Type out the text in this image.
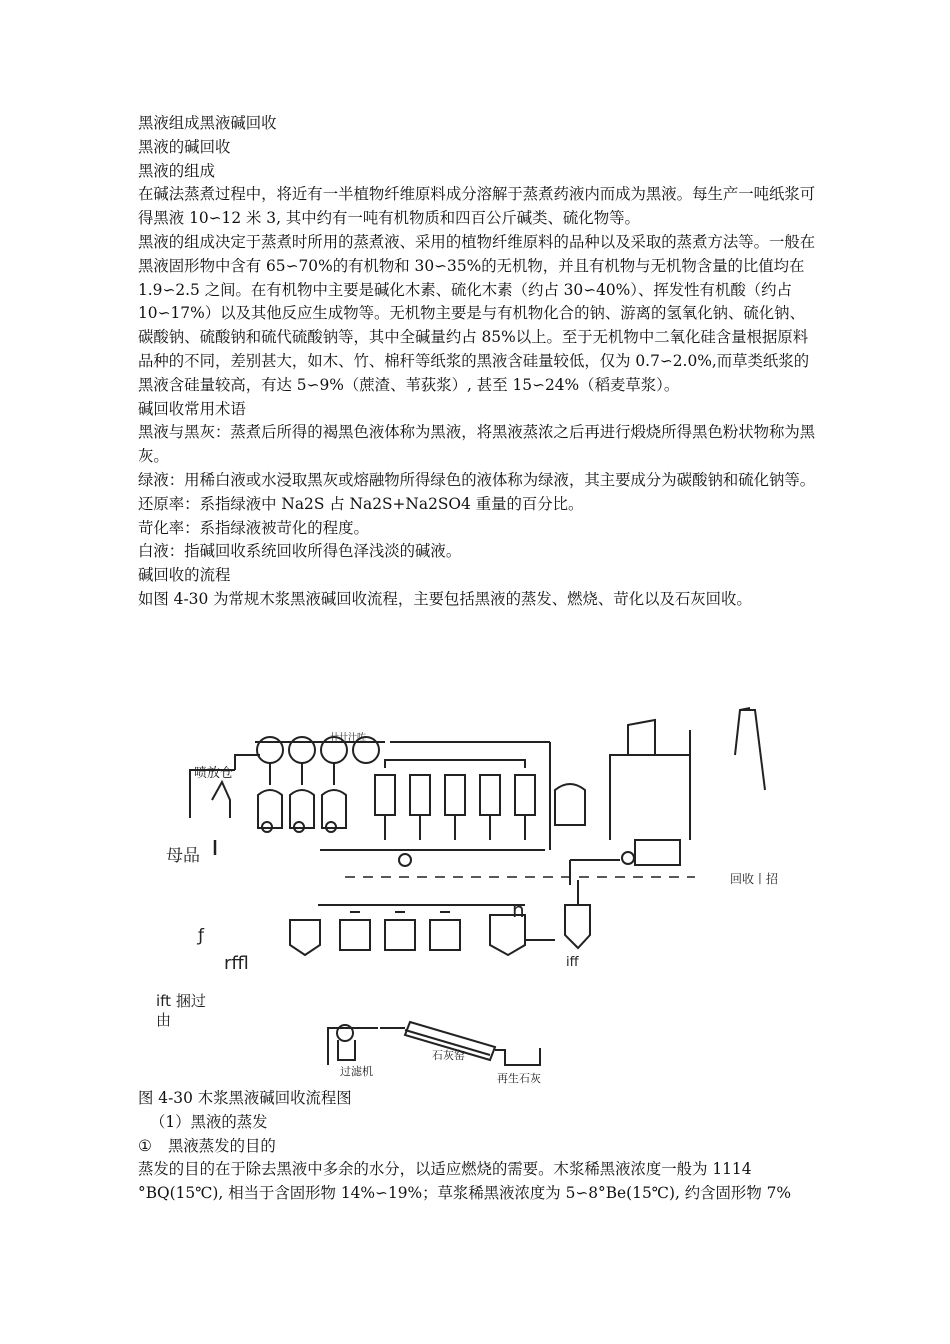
黑液组成黑液碱回收

黑液的碱回收

黑液的组成

在碱法蒸煮过程中，将近有一半植物纤维原料成分溶解于蒸煮药液内而成为黑液。每生产一吨纸浆可得黑液 10∽12 米 3, 其中约有一吨有机物质和四百公斤碱类、硫化物等。

黑液的组成决定于蒸煮时所用的蒸煮液、采用的植物纤维原料的品种以及采取的蒸煮方法等。一般在黑液固形物中含有 65∽70%的有机物和 30∽35%的无机物，并且有机物与无机物含量的比值均在 1.9∽2.5 之间。在有机物中主要是碱化木素、硫化木素（约占 30∽40%）、挥发性有机酸（约占 10∽17%）以及其他反应生成物等。无机物主要是与有机物化合的钠、游离的氢氧化钠、硫化钠、碳酸钠、硫酸钠和硫代硫酸钠等，其中全碱量约占 85%以上。至于无机物中二氧化硅含量根据原料品种的不同，差别甚大，如木、竹、棉秆等纸浆的黑液含硅量较低，仅为 0.7∽2.0%,而草类纸浆的黑液含硅量较高，有达 5∽9%（蔗渣、苇荻浆）, 甚至 15∽24%（稻麦草浆）。

碱回收常用术语

黑液与黑灰：蒸煮后所得的褐黑色液体称为黑液，将黑液蒸浓之后再进行煅烧所得黑色粉状物称为黑灰。

绿液：用稀白液或水浸取黑灰或熔融物所得绿色的液体称为绿液，其主要成分为碳酸钠和硫化钠等。

还原率：系指绿液中 Na2S 占 Na2S+Na2SO4 重量的百分比。

苛化率：系指绿液被苛化的程度。

白液：指碱回收系统回收所得色泽浅淡的碱液。

碱回收的流程

如图 4-30 为常规木浆黑液碱回收流程，主要包括黑液的蒸发、燃烧、苛化以及石灰回收。

喷放仓
卄卄汁咗
母品
回收丨招
ƒ
rffl
n
iff
ift 捆过
由
过滤机
石灰窑
再生石灰

图 4-30 木浆黑液碱回收流程图

（1）黑液的蒸发

① 黑液蒸发的目的

蒸发的目的在于除去黑液中多余的水分，以适应燃烧的需要。木浆稀黑液浓度一般为 1114 °BQ(15℃), 相当于含固形物 14%∽19%；草浆稀黑液浓度为 5∽8°Be(15℃), 约含固形物 7%
